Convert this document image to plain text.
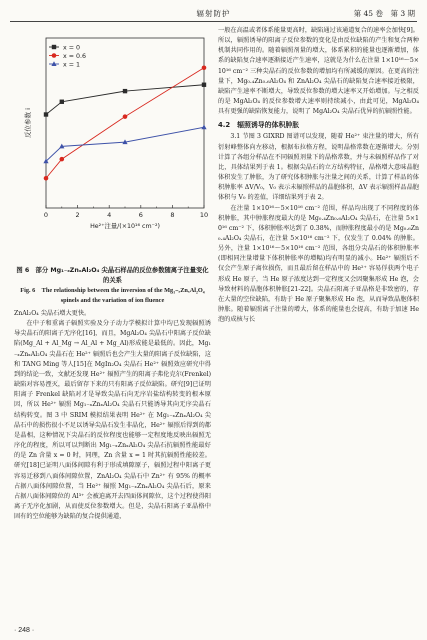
辐射防护	第 45 卷　第 3 期
0	2	4	6	8	10
He²⁺注量/(×10¹⁶ cm⁻²)
反位参数 i
x = 0
x = 0.6
x = 1
图 6　部分 Mg₁₋ₓZnₓAl₂O₄ 尖晶石样品的反位参数随离子注量变化的关系
Fig. 6　The relationship between the inversion of the Mg₁₋ₓZnₓAl₂O₄ spinels and the variation of ion fluence
ZnAl₂O₄ 尖晶石增大更快。
在中子和重离子辐照实验及分子动力学模拟计算中均已发现辐照诱导尖晶石的阳离子无序化[16]，而且，MgAl₂O₄ 尖晶石中阳离子反位缺陷(Mg_Al + Al_Mg → Al_Al + Mg_Al)形成能是最低的。因此，Mg₁₋ₓZnₓAl₂O₄ 尖晶石在 He²⁺ 辐照后也会产生大量的阳离子反位缺陷，这和 TANG Ming 等人[15]在 MgIn₂O₄ 尖晶石 He²⁺ 辐照效应研究中得到的结论一致，文献还发现 He²⁺ 辐照产生的阳离子弗伦克尔(Frenkel)缺陷对容易湮灭，最后留存下来的只有阳离子反位缺陷。研究[9]已证明阳离子 Frenkel 缺陷对才是导致尖晶石向无序岩盐结构转变的根本原因，所以 He²⁺ 辐照 Mg₁₋ₓZnₓAl₂O₄ 尖晶石只能诱导其向无序尖晶石结构转变。图 3 中 SRIM 模拟结果表明 He²⁺ 在 Mg₁₋ₓZnₓAl₂O₄ 尖晶石中的损伤很小不足以诱导尖晶石发生非晶化，He²⁺ 辐照后得到的都是晶相，这种情况下尖晶石的反位程度也能够一定程度地反映出辐照无序化的程度，所以可以判断出 Mg₁₋ₓZnₓAl₂O₄ 尖晶石抗辐照性能最好的是 Zn 含量 x = 0 时，同理，Zn 含量 x = 1 时其抗辐照性能较差。研究[18]已证明八面体间隙有利于形成填隙原子，辐照过程中阳离子更容易迁移到八面体间隙位置，ZnAl₂O₄ 尖晶石中 Zn²⁺ 有 95% 的概率占据八面体间隙位置，当 He²⁺ 辐照 Mg₁₋ₓZnₓAl₂O₄ 尖晶石后，原来占据八面体间隙位的 Al³⁺ 会被迫离开去四面体间隙位，这个过程使得阳离子无序化加剧，从而使反位参数增大。但是，尖晶石阳离子亚晶格中固有的空位能够为缺陷的复合提供通道，
一般在高温或者体系能量更高时，缺陷通过该通道复合的速率会加快[9]。所以，辐照诱导的阳离子反位参数的变化是由反位缺陷的产生和复合两种机制共同作用的。随着辐照剂量的增大，体系累积的能量也逐渐增加，体系的缺陷复合速率逐渐接近产生速率，这就是为什么在注量 1×10¹⁶～5×10¹⁶ cm⁻² 三种尖晶石的反位参数的增加均有所减缓的原因。在更高的注量下，Mg₀.₄Zn₀.₆Al₂O₄ 和 ZnAl₂O₄ 尖晶石的缺陷复合速率接近极限，缺陷产生速率不断增大，导致反位参数的增大速率又开始增加。与之相反的是 MgAl₂O₄ 的反位参数增大速率则持续减小，由此可见，MgAl₂O₄ 具有更强的缺陷恢复能力，说明了 MgAl₂O₄ 尖晶石优异的抗辐照性能。
4.2　辐照诱导的体积肿胀
3.1 节图 3 GIXRD 图谱可以发现，随着 He²⁺ 束注量的增大，所有衍射峰整体向左移动，根据布拉格方程，说明晶格常数在逐渐增大。分别计算了各组分样品在不同辐照剂量下的晶格常数，并与未辐照样品作了对比，具体结果列于表 1。根据尖晶石的立方结构特征，晶格增大意味晶胞体积发生了肿胀，为了研究体积肿胀与注量之间的关系，计算了样品的体积肿胀率 ΔV/V₀，V₀ 表示未辐照样品的晶胞体积，ΔV 表示辐照样品晶胞体积与 V₀ 的差值，详细结果列于表 2。
在注量 1×10¹⁶～5×10¹⁶ cm⁻² 范围，样品均出现了不同程度的体积肿胀，其中肿胀程度最大的是 Mg₀.₄Zn₀.₆Al₂O₄ 尖晶石，在注量 5×10¹⁶ cm⁻² 下，体积肿胀率达到了 0.38%，而肿胀程度最小的是 Mg₀.₆Zn₀.₄Al₂O₄ 尖晶石，在注量 5×10¹⁶ cm⁻² 下，仅发生了 0.04% 的肿胀。另外，注量 1×10¹⁶～5×10¹⁶ cm⁻² 范围，各组分尖晶石的体积肿胀率(即相同注量增量下体积肿胀率的增幅)均有明显的减小。He²⁺ 辐照后不仅会产生原子离位损伤，而且最后留在样品中的 He²⁺ 容易俘获两个电子形成 He 原子，当 He 原子浓度达到一定程度又会因聚集形成 He 泡，会导致材料的晶胞体积肿胀[21-22]。尖晶石阳离子亚晶格是非致密的，存在大量的空位缺陷，有助于 He 原子聚集形成 He 泡，从而导致晶胞体积肿胀。随着辐照离子注量的增大，体系的能量也会提高，有助于加速 He 泡的成核与长
· 248 ·
